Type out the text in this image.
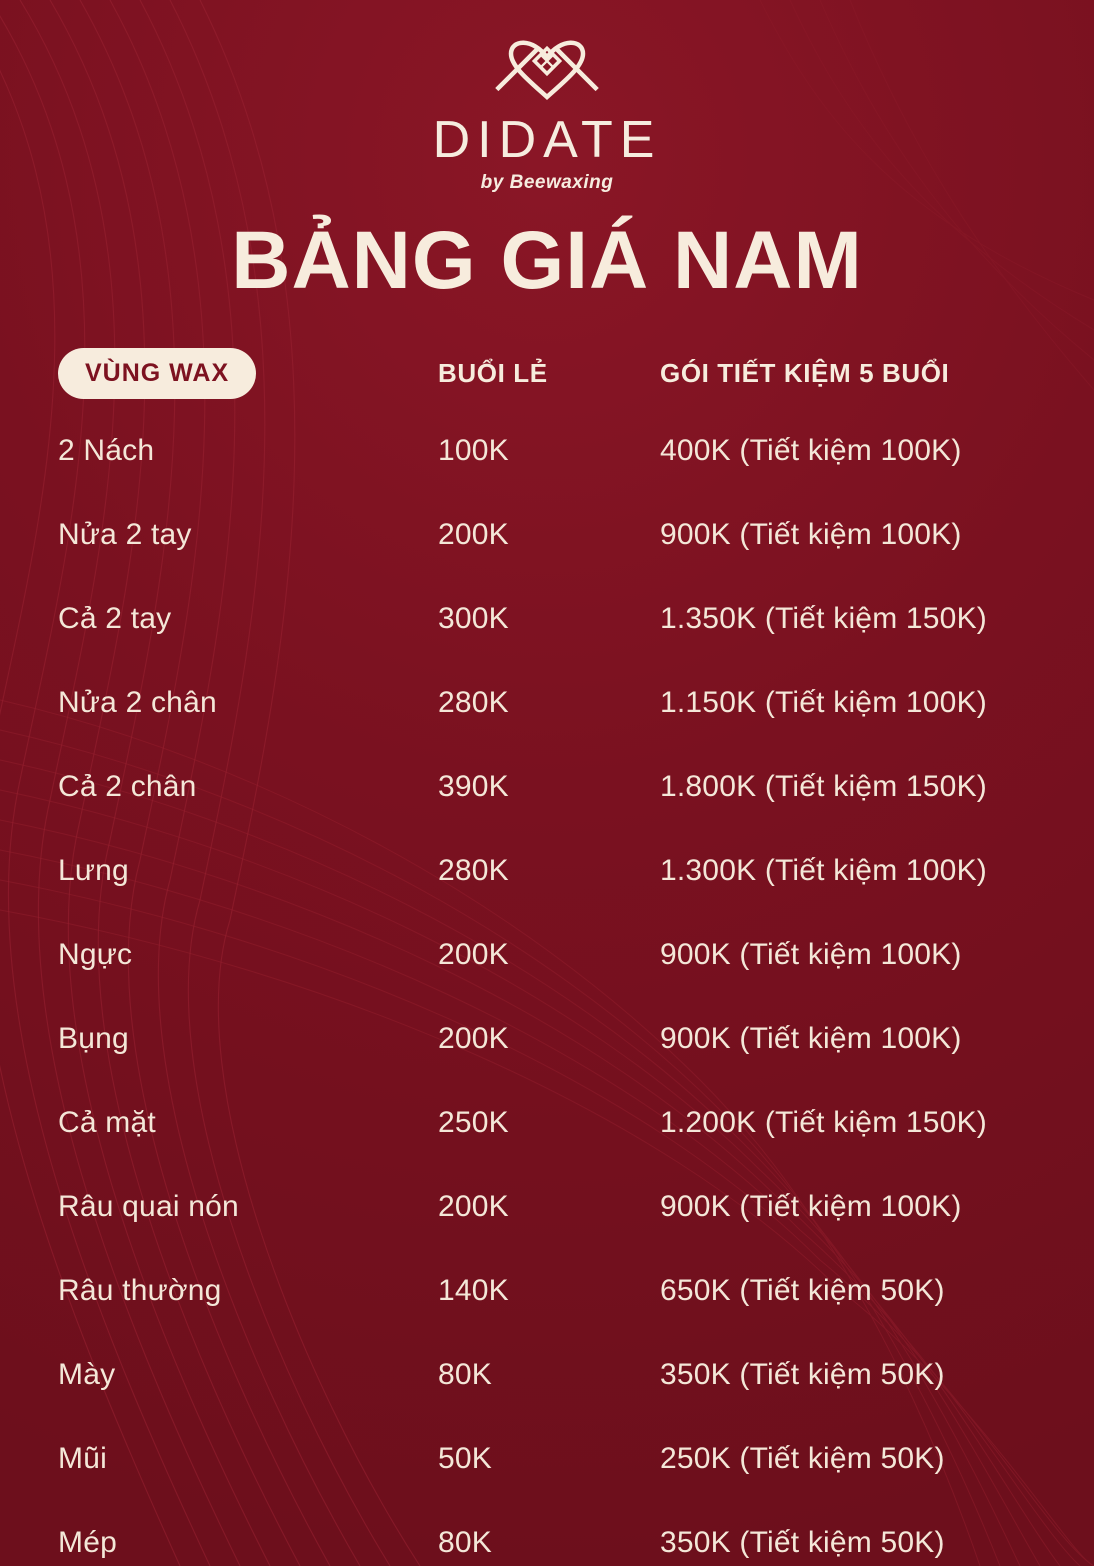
DIDATE
by Beewaxing
BẢNG GIÁ NAM
VÙNG WAX	BUỔI LẺ	GÓI TIẾT KIỆM 5 BUỔI
2 Nách	100K	400K (Tiết kiệm 100K)
Nửa 2 tay	200K	900K (Tiết kiệm 100K)
Cả 2 tay	300K	1.350K (Tiết kiệm 150K)
Nửa 2 chân	280K	1.150K (Tiết kiệm 100K)
Cả 2 chân	390K	1.800K (Tiết kiệm 150K)
Lưng	280K	1.300K (Tiết kiệm 100K)
Ngực	200K	900K (Tiết kiệm 100K)
Bụng	200K	900K (Tiết kiệm 100K)
Cả mặt	250K	1.200K (Tiết kiệm 150K)
Râu quai nón	200K	900K (Tiết kiệm 100K)
Râu thường	140K	650K (Tiết kiệm 50K)
Mày	80K	350K (Tiết kiệm 50K)
Mũi	50K	250K (Tiết kiệm 50K)
Mép	80K	350K (Tiết kiệm 50K)
